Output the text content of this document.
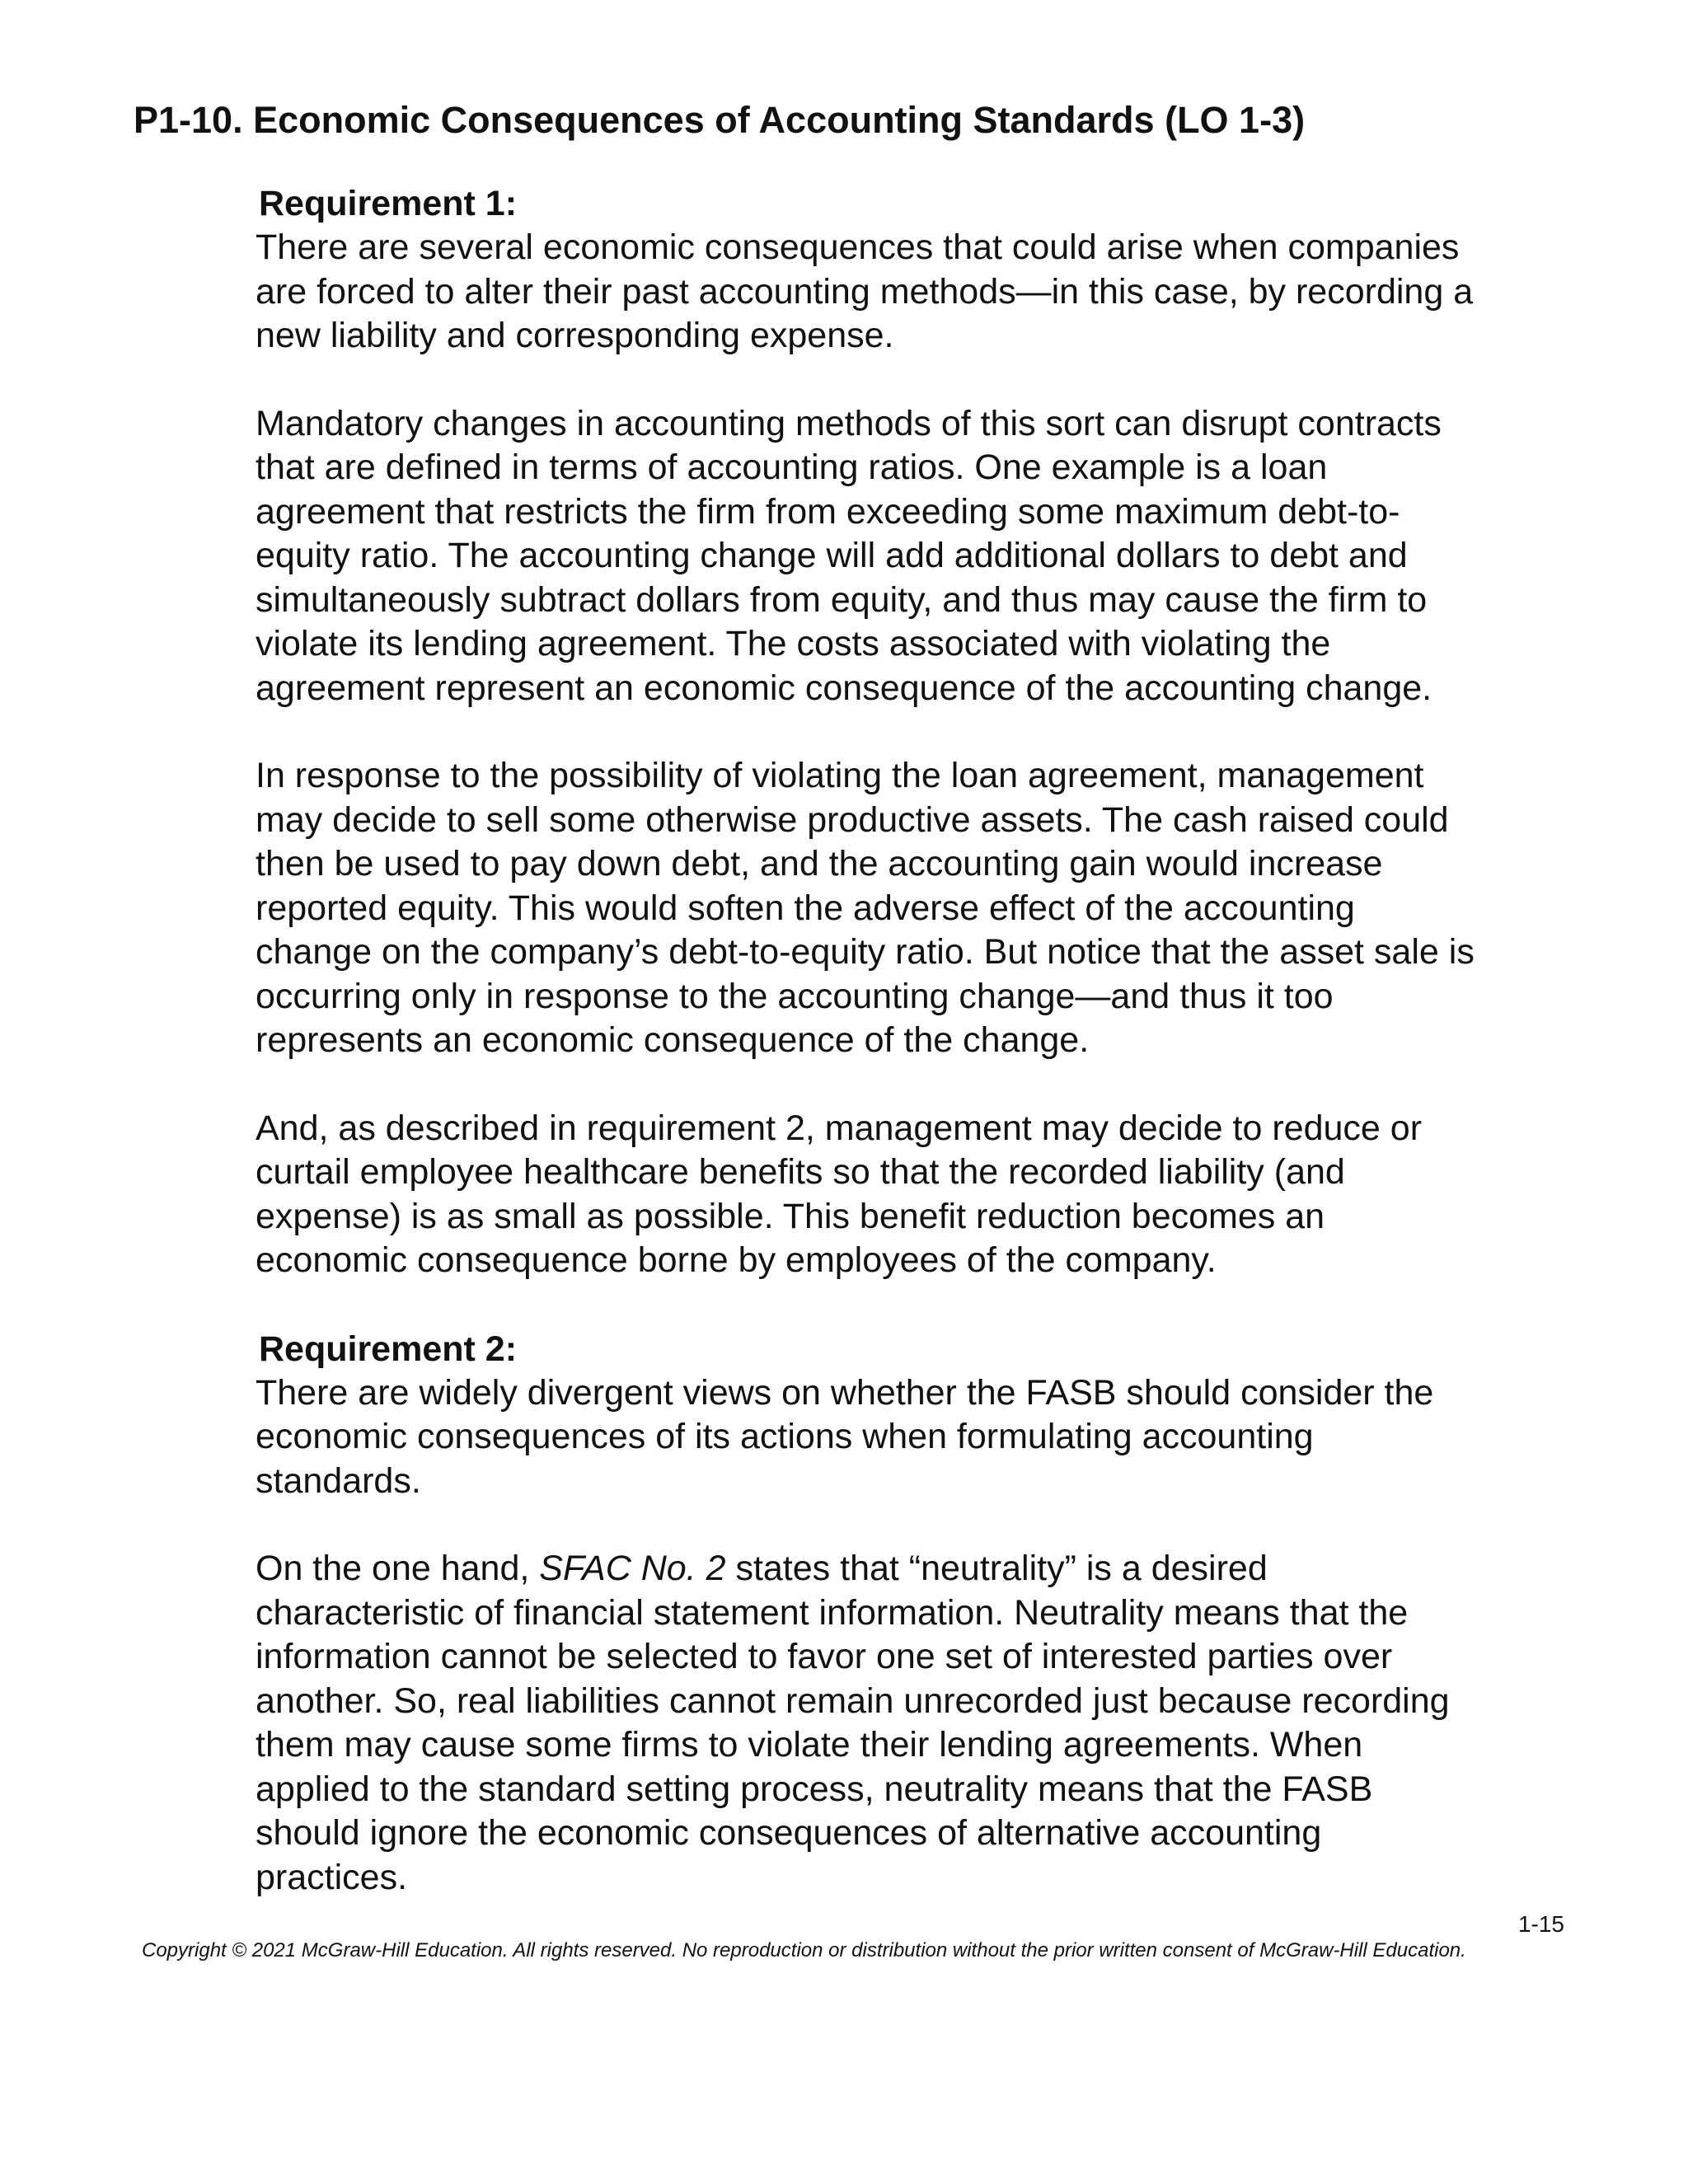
P1-10. Economic Consequences of Accounting Standards (LO 1-3)
Requirement 1:

There are several economic consequences that could arise when companies
are forced to alter their past accounting methods—in this case, by recording a
new liability and corresponding expense.

Mandatory changes in accounting methods of this sort can disrupt contracts
that are defined in terms of accounting ratios. One example is a loan
agreement that restricts the firm from exceeding some maximum debt-to-
equity ratio. The accounting change will add additional dollars to debt and
simultaneously subtract dollars from equity, and thus may cause the firm to
violate its lending agreement. The costs associated with violating the
agreement represent an economic consequence of the accounting change.

In response to the possibility of violating the loan agreement, management
may decide to sell some otherwise productive assets. The cash raised could
then be used to pay down debt, and the accounting gain would increase
reported equity. This would soften the adverse effect of the accounting
change on the company’s debt-to-equity ratio. But notice that the asset sale is
occurring only in response to the accounting change—and thus it too
represents an economic consequence of the change.

And, as described in requirement 2, management may decide to reduce or
curtail employee healthcare benefits so that the recorded liability (and
expense) is as small as possible. This benefit reduction becomes an
economic consequence borne by employees of the company.

Requirement 2:

There are widely divergent views on whether the FASB should consider the
economic consequences of its actions when formulating accounting
standards.

On the one hand, SFAC No. 2 states that “neutrality” is a desired
characteristic of financial statement information. Neutrality means that the
information cannot be selected to favor one set of interested parties over
another. So, real liabilities cannot remain unrecorded just because recording
them may cause some firms to violate their lending agreements. When
applied to the standard setting process, neutrality means that the FASB
should ignore the economic consequences of alternative accounting
practices.

1-15
Copyright © 2021 McGraw-Hill Education. All rights reserved. No reproduction or distribution without the prior written consent of McGraw-Hill Education.
